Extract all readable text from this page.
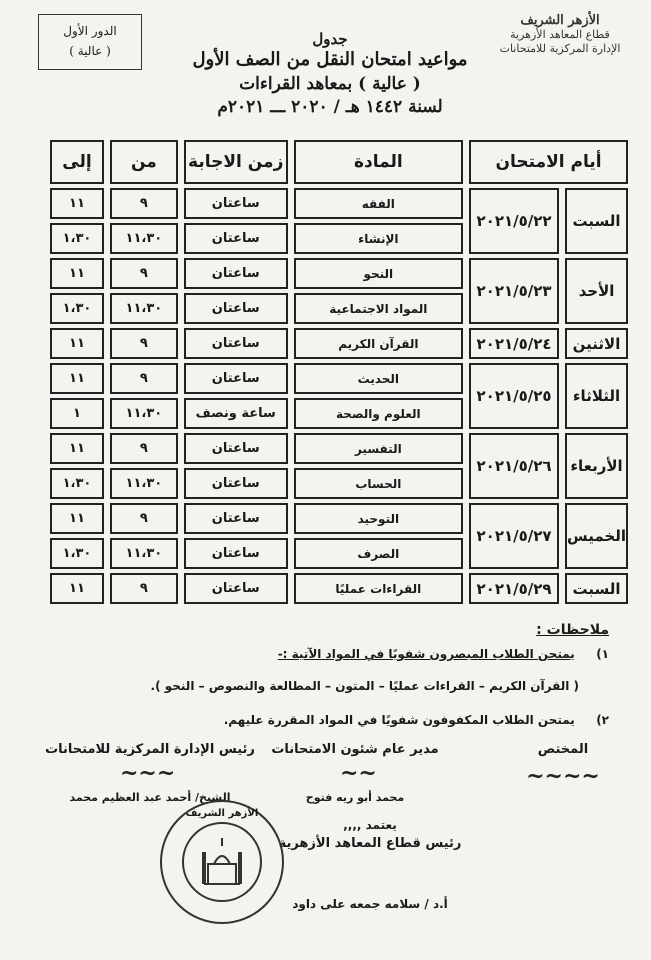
الأزهر الشريف
قطاع المعاهد الأزهرية
الإدارة المركزية للامتحانات
الدور الأول
( عالية )
جدول
مواعيد امتحان النقل من الصف الأول
( عالية ) بمعاهد القراءات
لسنة ١٤٤٢ هـ / ٢٠٢٠ ـــ ٢٠٢١م
أيام الامتحان		المادة	زمن الاجابة	من	إلى
السبت	٢٠٢١/٥/٢٢	الفقه	ساعتان	٩	١١
		الإنشاء	ساعتان	١١،٣٠	١،٣٠
الأحد	٢٠٢١/٥/٢٣	النحو	ساعتان	٩	١١
		المواد الاجتماعية	ساعتان	١١،٣٠	١،٣٠
الاثنين	٢٠٢١/٥/٢٤	القرآن الكريم	ساعتان	٩	١١
الثلاثاء	٢٠٢١/٥/٢٥	الحديث	ساعتان	٩	١١
		العلوم والصحة	ساعة ونصف	١١،٣٠	١
الأربعاء	٢٠٢١/٥/٢٦	التفسير	ساعتان	٩	١١
		الحساب	ساعتان	١١،٣٠	١،٣٠
الخميس	٢٠٢١/٥/٢٧	التوحيد	ساعتان	٩	١١
		الصرف	ساعتان	١١،٣٠	١،٣٠
السبت	٢٠٢١/٥/٢٩	القراءات عمليًا	ساعتان	٩	١١
ملاحظات :
١) يمتحن الطلاب المبصرون شفويًا في المواد الآتية :-
( القرآن الكريم – القراءات عمليًا – المتون – المطالعة والنصوص – النحو ).
٢) يمتحن الطلاب المكفوفون شفويًا في المواد المقررة عليهم.
المختص
~~~~
مدير عام شئون الامتحانات
~~
محمد أبو ريه فتوح
رئيس الإدارة المركزية للامتحانات
~~~
الشيخ/ أحمد عبد العظيم محمد
يعتمد ,,,,
رئيس قطاع المعاهد الأزهرية
أ.د / سلامه جمعه على داود
الأزهر الشريف
